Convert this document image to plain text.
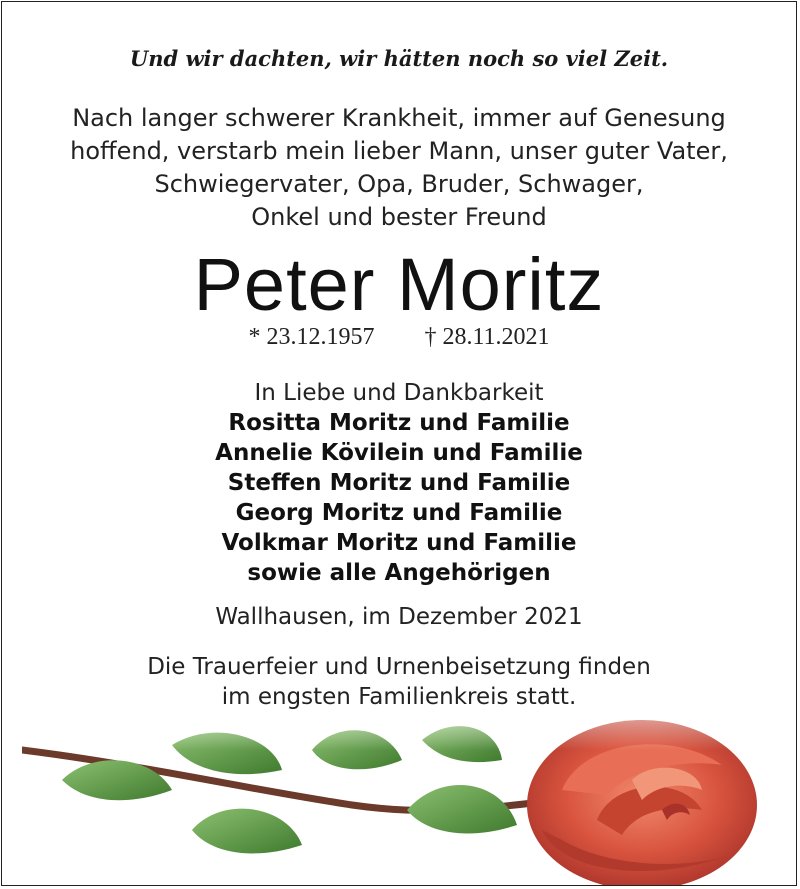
Und wir dachten, wir hätten noch so viel Zeit.
Nach langer schwerer Krankheit, immer auf Genesung
hoffend, verstarb mein lieber Mann, unser guter Vater,
Schwiegervater, Opa, Bruder, Schwager,
Onkel und bester Freund
Peter Moritz
* 23.12.1957 † 28.11.2021
In Liebe und Dankbarkeit
Rositta Moritz und Familie
Annelie Kövilein und Familie
Steffen Moritz und Familie
Georg Moritz und Familie
Volkmar Moritz und Familie
sowie alle Angehörigen
Wallhausen, im Dezember 2021
Die Trauerfeier und Urnenbeisetzung finden
im engsten Familienkreis statt.
